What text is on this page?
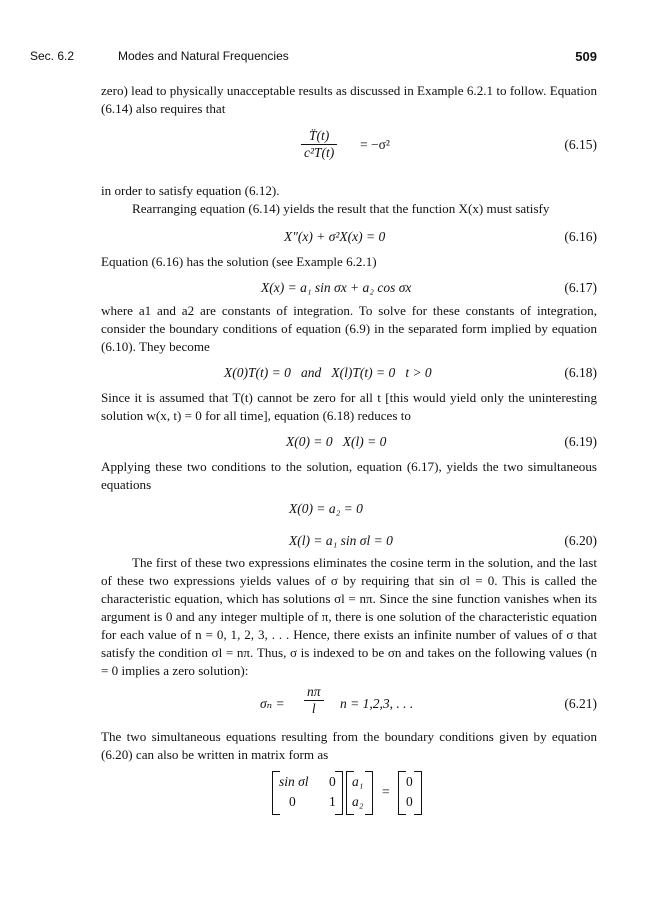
Sec. 6.2	Modes and Natural Frequencies	509

zero) lead to physically unacceptable results as discussed in Example 6.2.1 to follow. Equation (6.14) also requires that

$\frac{T̈(t)}{\text{c²T(t)}} = -\sigma^2$	(6.15)

in order to satisfy equation (6.12).

Rearranging equation (6.14) yields the result that the function X(x) must satisfy

X″(x) + σ²X(x) = 0	(6.16)

Equation (6.16) has the solution (see Example 6.2.1)

X(x) = a₁ sin σx + a₂ cos σx	(6.17)

where a1 and a2 are constants of integration. To solve for these constants of integration, consider the boundary conditions of equation (6.9) in the separated form implied by equation (6.10). They become

X(0)T(t) = 0   and   X(l)T(t) = 0   t > 0	(6.18)

Since it is assumed that T(t) cannot be zero for all t [this would yield only the uninteresting solution w(x, t) = 0 for all time], equation (6.18) reduces to

X(0) = 0   X(l) = 0	(6.19)

Applying these two conditions to the solution, equation (6.17), yields the two simultaneous equations

X(0) = a₂ = 0
X(l) = a₁ sin σl = 0	(6.20)

The first of these two expressions eliminates the cosine term in the solution, and the last of these two expressions yields values of σ by requiring that sin σl = 0. This is called the characteristic equation, which has solutions σl = nπ. Since the sine function vanishes when its argument is 0 and any integer multiple of π, there is one solution of the characteristic equation for each value of n = 0, 1, 2, 3, . . . Hence, there exists an infinite number of values of σ that satisfy the condition σl = nπ. Thus, σ is indexed to be σn and takes on the following values (n = 0 implies a zero solution):

$\sigma_n = \frac{n\pi}{l}$ n = 1,2,3, . . .	(6.21)

The two simultaneous equations resulting from the boundary conditions given by equation (6.20) can also be written in matrix form as

sin σl 0
0 1
a₁
a₂
=
0
0
